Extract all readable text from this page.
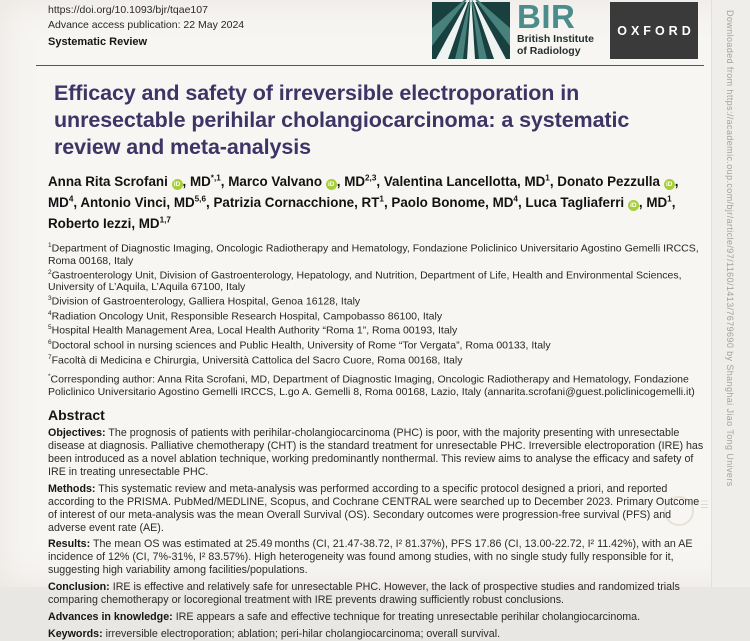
https://doi.org/10.1093/bjr/tqae107
Advance access publication: 22 May 2024
Systematic Review
BIR
British Institute
of Radiology
OXFORD
Efficacy and safety of irreversible electroporation in
unresectable perihilar cholangiocarcinoma: a systematic
review and meta-analysis
Anna Rita Scrofani iD , $MD^{*,1}$, Marco Valvano iD , MD$^{2,3}$, Valentina Lancellotta, $MD^1$, Donato Pezzulla iD , $MD^4$, Antonio Vinci, MD$^{5,6}$, Patrizia Cornacchione, $RT^1$, Paolo Bonome, $MD^4$, Luca Tagliaferri iD , $MD^1$, Roberto Iezzi, MD$^{1,7}$
$^1$Department of Diagnostic Imaging, Oncologic Radiotherapy and Hematology, Fondazione Policlinico Universitario Agostino Gemelli IRCCS, Roma 00168, Italy
$^2$Gastroenterology Unit, Division of Gastroenterology, Hepatology, and Nutrition, Department of Life, Health and Environmental Sciences, University of L’Aquila, L’Aquila 67100, Italy
$^3$Division of Gastroenterology, Galliera Hospital, Genoa 16128, Italy
$^4$Radiation Oncology Unit, Responsible Research Hospital, Campobasso 86100, Italy
$^5$Hospital Health Management Area, Local Health Authority “Roma 1”, Roma 00193, Italy
$^6$Doctoral school in nursing sciences and Public Health, University of Rome “Tor Vergata”, Roma 00133, Italy
$^7$Facoltà di Medicina e Chirurgia, Università Cattolica del Sacro Cuore, Roma 00168, Italy
*Corresponding author: Anna Rita Scrofani, MD, Department of Diagnostic Imaging, Oncologic Radiotherapy and Hematology, Fondazione Policlinico Universitario Agostino Gemelli IRCCS, L.go A. Gemelli 8, Roma 00168, Lazio, Italy (annarita.scrofani@guest.policlinicogemelli.it)
Abstract

Objectives: The prognosis of patients with perihilar-cholangiocarcinoma (PHC) is poor, with the majority presenting with unresectable disease at diagnosis. Palliative chemotherapy (CHT) is the standard treatment for unresectable PHC. Irreversible electroporation (IRE) has been introduced as a novel ablation technique, working predominantly nonthermal. This review aims to analyse the efficacy and safety of IRE in treating unresectable PHC.

Methods: This systematic review and meta-analysis was performed according to a specific protocol designed a priori, and reported according to the PRISMA. PubMed/MEDLINE, Scopus, and Cochrane CENTRAL were searched up to December 2023. Primary Outcome of interest of our meta-analysis was the mean Overall Survival (OS). Secondary outcomes were progression-free survival (PFS) and adverse event rate (AE).

Results: The mean OS was estimated at 25.49 months (CI, 21.47-38.72, I² 81.37%), PFS 17.86 (CI, 13.00-22.72, I² 11.42%), with an AE incidence of 12% (CI, 7%-31%, I² 83.57%). High heterogeneity was found among studies, with no single study fully responsible for it, suggesting high variability among facilities/populations.

Conclusion: IRE is effective and relatively safe for unresectable PHC. However, the lack of prospective studies and randomized trials comparing chemotherapy or locoregional treatment with IRE prevents drawing sufficiently robust conclusions.

Advances in knowledge: IRE appears a safe and effective technique for treating unresectable perihilar cholangiocarcinoma.

Keywords: irreversible electroporation; ablation; peri-hilar cholangiocarcinoma; overall survival.

Downloaded from https://academic.oup.com/bjr/article/97/1160/1413/7679690 by Shanghai Jiao Tong Univers
☰
